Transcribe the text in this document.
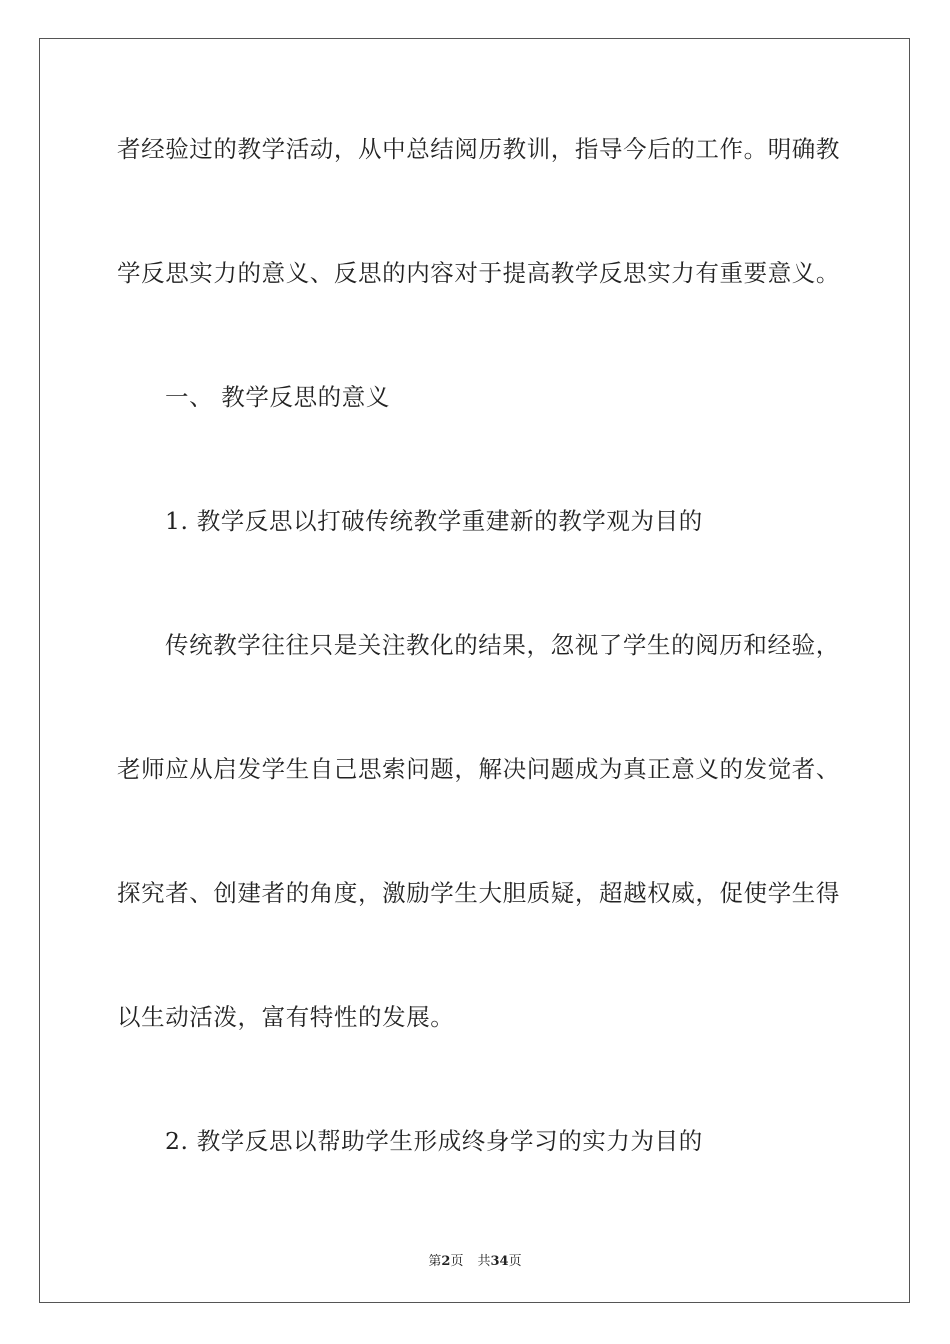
者经验过的教学活动，从中总结阅历教训，指导今后的工作。明确教
学反思实力的意义、反思的内容对于提高教学反思实力有重要意义。
一、 教学反思的意义
1. 教学反思以打破传统教学重建新的教学观为目的
传统教学往往只是关注教化的结果，忽视了学生的阅历和经验，
老师应从启发学生自己思索问题，解决问题成为真正意义的发觉者、
探究者、创建者的角度，激励学生大胆质疑，超越权威，促使学生得
以生动活泼，富有特性的发展。
2. 教学反思以帮助学生形成终身学习的实力为目的
第2页 共34页
